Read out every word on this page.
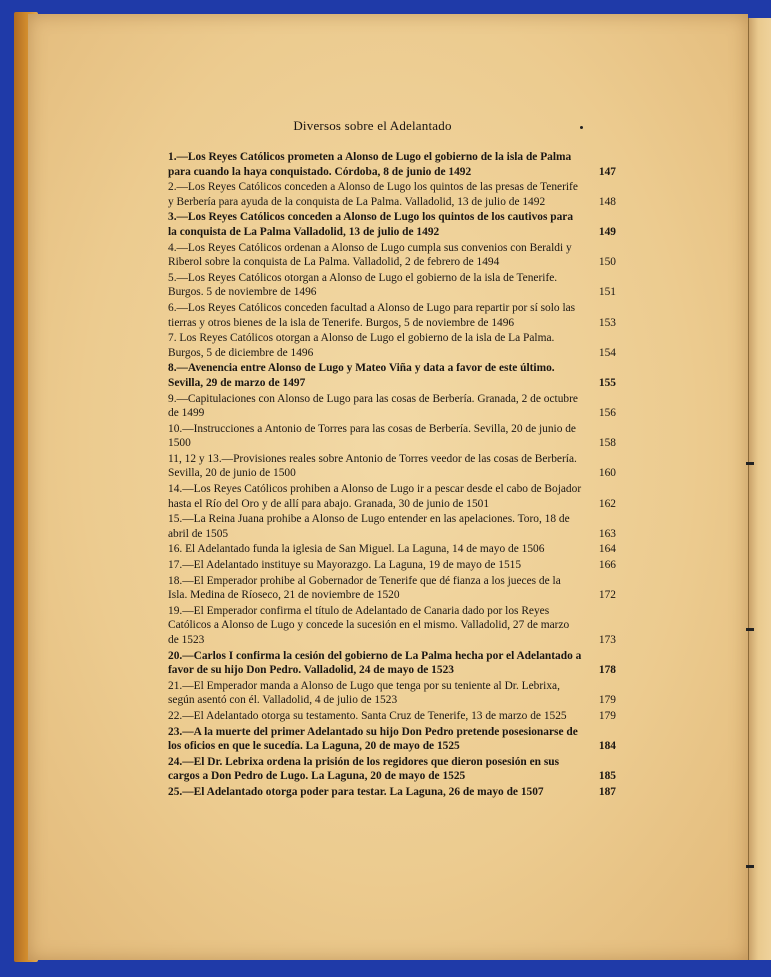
Diversos sobre el Adelantado
1.—Los Reyes Católicos prometen a Alonso de Lugo el gobierno de la isla de Palma para cuando la haya conquistado. Córdoba, 8 de junio de 1492	147
2.—Los Reyes Católicos conceden a Alonso de Lugo los quintos de las presas de Tenerife y Berbería para ayuda de la conquista de La Palma. Valladolid, 13 de julio de 1492	148
3.—Los Reyes Católicos conceden a Alonso de Lugo los quintos de los cautivos para la conquista de La Palma Valladolid, 13 de julio de 1492	149
4.—Los Reyes Católicos ordenan a Alonso de Lugo cumpla sus convenios con Beraldi y Riberol sobre la conquista de La Palma. Valladolid, 2 de febrero de 1494	150
5.—Los Reyes Católicos otorgan a Alonso de Lugo el gobierno de la isla de Tenerife. Burgos. 5 de noviembre de 1496	151
6.—Los Reyes Católicos conceden facultad a Alonso de Lugo para repartir por sí solo las tierras y otros bienes de la isla de Tenerife. Burgos, 5 de noviembre de 1496	153
7. Los Reyes Católicos otorgan a Alonso de Lugo el gobierno de la isla de La Palma. Burgos, 5 de diciembre de 1496	154
8.—Avenencia entre Alonso de Lugo y Mateo Viña y data a favor de este último. Sevilla, 29 de marzo de 1497	155
9.—Capitulaciones con Alonso de Lugo para las cosas de Berbería. Granada, 2 de octubre de 1499	156
10.—Instrucciones a Antonio de Torres para las cosas de Berbería. Sevilla, 20 de junio de 1500	158
11, 12 y 13.—Provisiones reales sobre Antonio de Torres veedor de las cosas de Berbería. Sevilla, 20 de junio de 1500	160
14.—Los Reyes Católicos prohiben a Alonso de Lugo ir a pescar desde el cabo de Bojador hasta el Río del Oro y de allí para abajo. Granada, 30 de junio de 1501	162
15.—La Reina Juana prohibe a Alonso de Lugo entender en las apelaciones. Toro, 18 de abril de 1505	163
16. El Adelantado funda la iglesia de San Miguel. La Laguna, 14 de mayo de 1506	164
17.—El Adelantado instituye su Mayorazgo. La Laguna, 19 de mayo de 1515	166
18.—El Emperador prohibe al Gobernador de Tenerife que dé fianza a los jueces de la Isla. Medina de Ríoseco, 21 de noviembre de 1520	172
19.—El Emperador confirma el título de Adelantado de Canaria dado por los Reyes Católicos a Alonso de Lugo y concede la sucesión en el mismo. Valladolid, 27 de marzo de 1523	173
20.—Carlos I confirma la cesión del gobierno de La Palma hecha por el Adelantado a favor de su hijo Don Pedro. Valladolid, 24 de mayo de 1523	178
21.—El Emperador manda a Alonso de Lugo que tenga por su teniente al Dr. Lebrixa, según asentó con él. Valladolid, 4 de julio de 1523	179
22.—El Adelantado otorga su testamento. Santa Cruz de Tenerife, 13 de marzo de 1525	179
23.—A la muerte del primer Adelantado su hijo Don Pedro pretende posesionarse de los oficios en que le sucedía. La Laguna, 20 de mayo de 1525	184
24.—El Dr. Lebrixa ordena la prisión de los regidores que dieron posesión en sus cargos a Don Pedro de Lugo. La Laguna, 20 de mayo de 1525	185
25.—El Adelantado otorga poder para testar. La Laguna, 26 de mayo de 1507	187
